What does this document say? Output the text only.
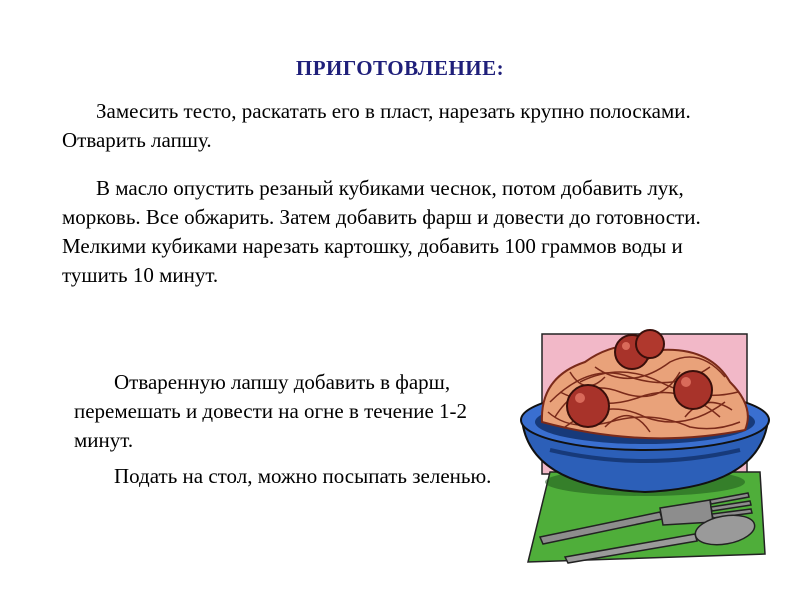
ПРИГОТОВЛЕНИЕ:

Замесить тесто, раскатать его в пласт, нарезать крупно полосками. Отварить лапшу.

В масло опустить резаный кубиками чеснок, потом добавить лук, морковь. Все обжарить. Затем добавить фарш и довести до готовности. Мелкими кубиками нарезать картошку, добавить 100 граммов воды и тушить 10 минут.

Отваренную лапшу добавить в фарш, перемешать и довести на огне в течение 1-2 минут.

Подать на стол, можно посыпать зеленью.
